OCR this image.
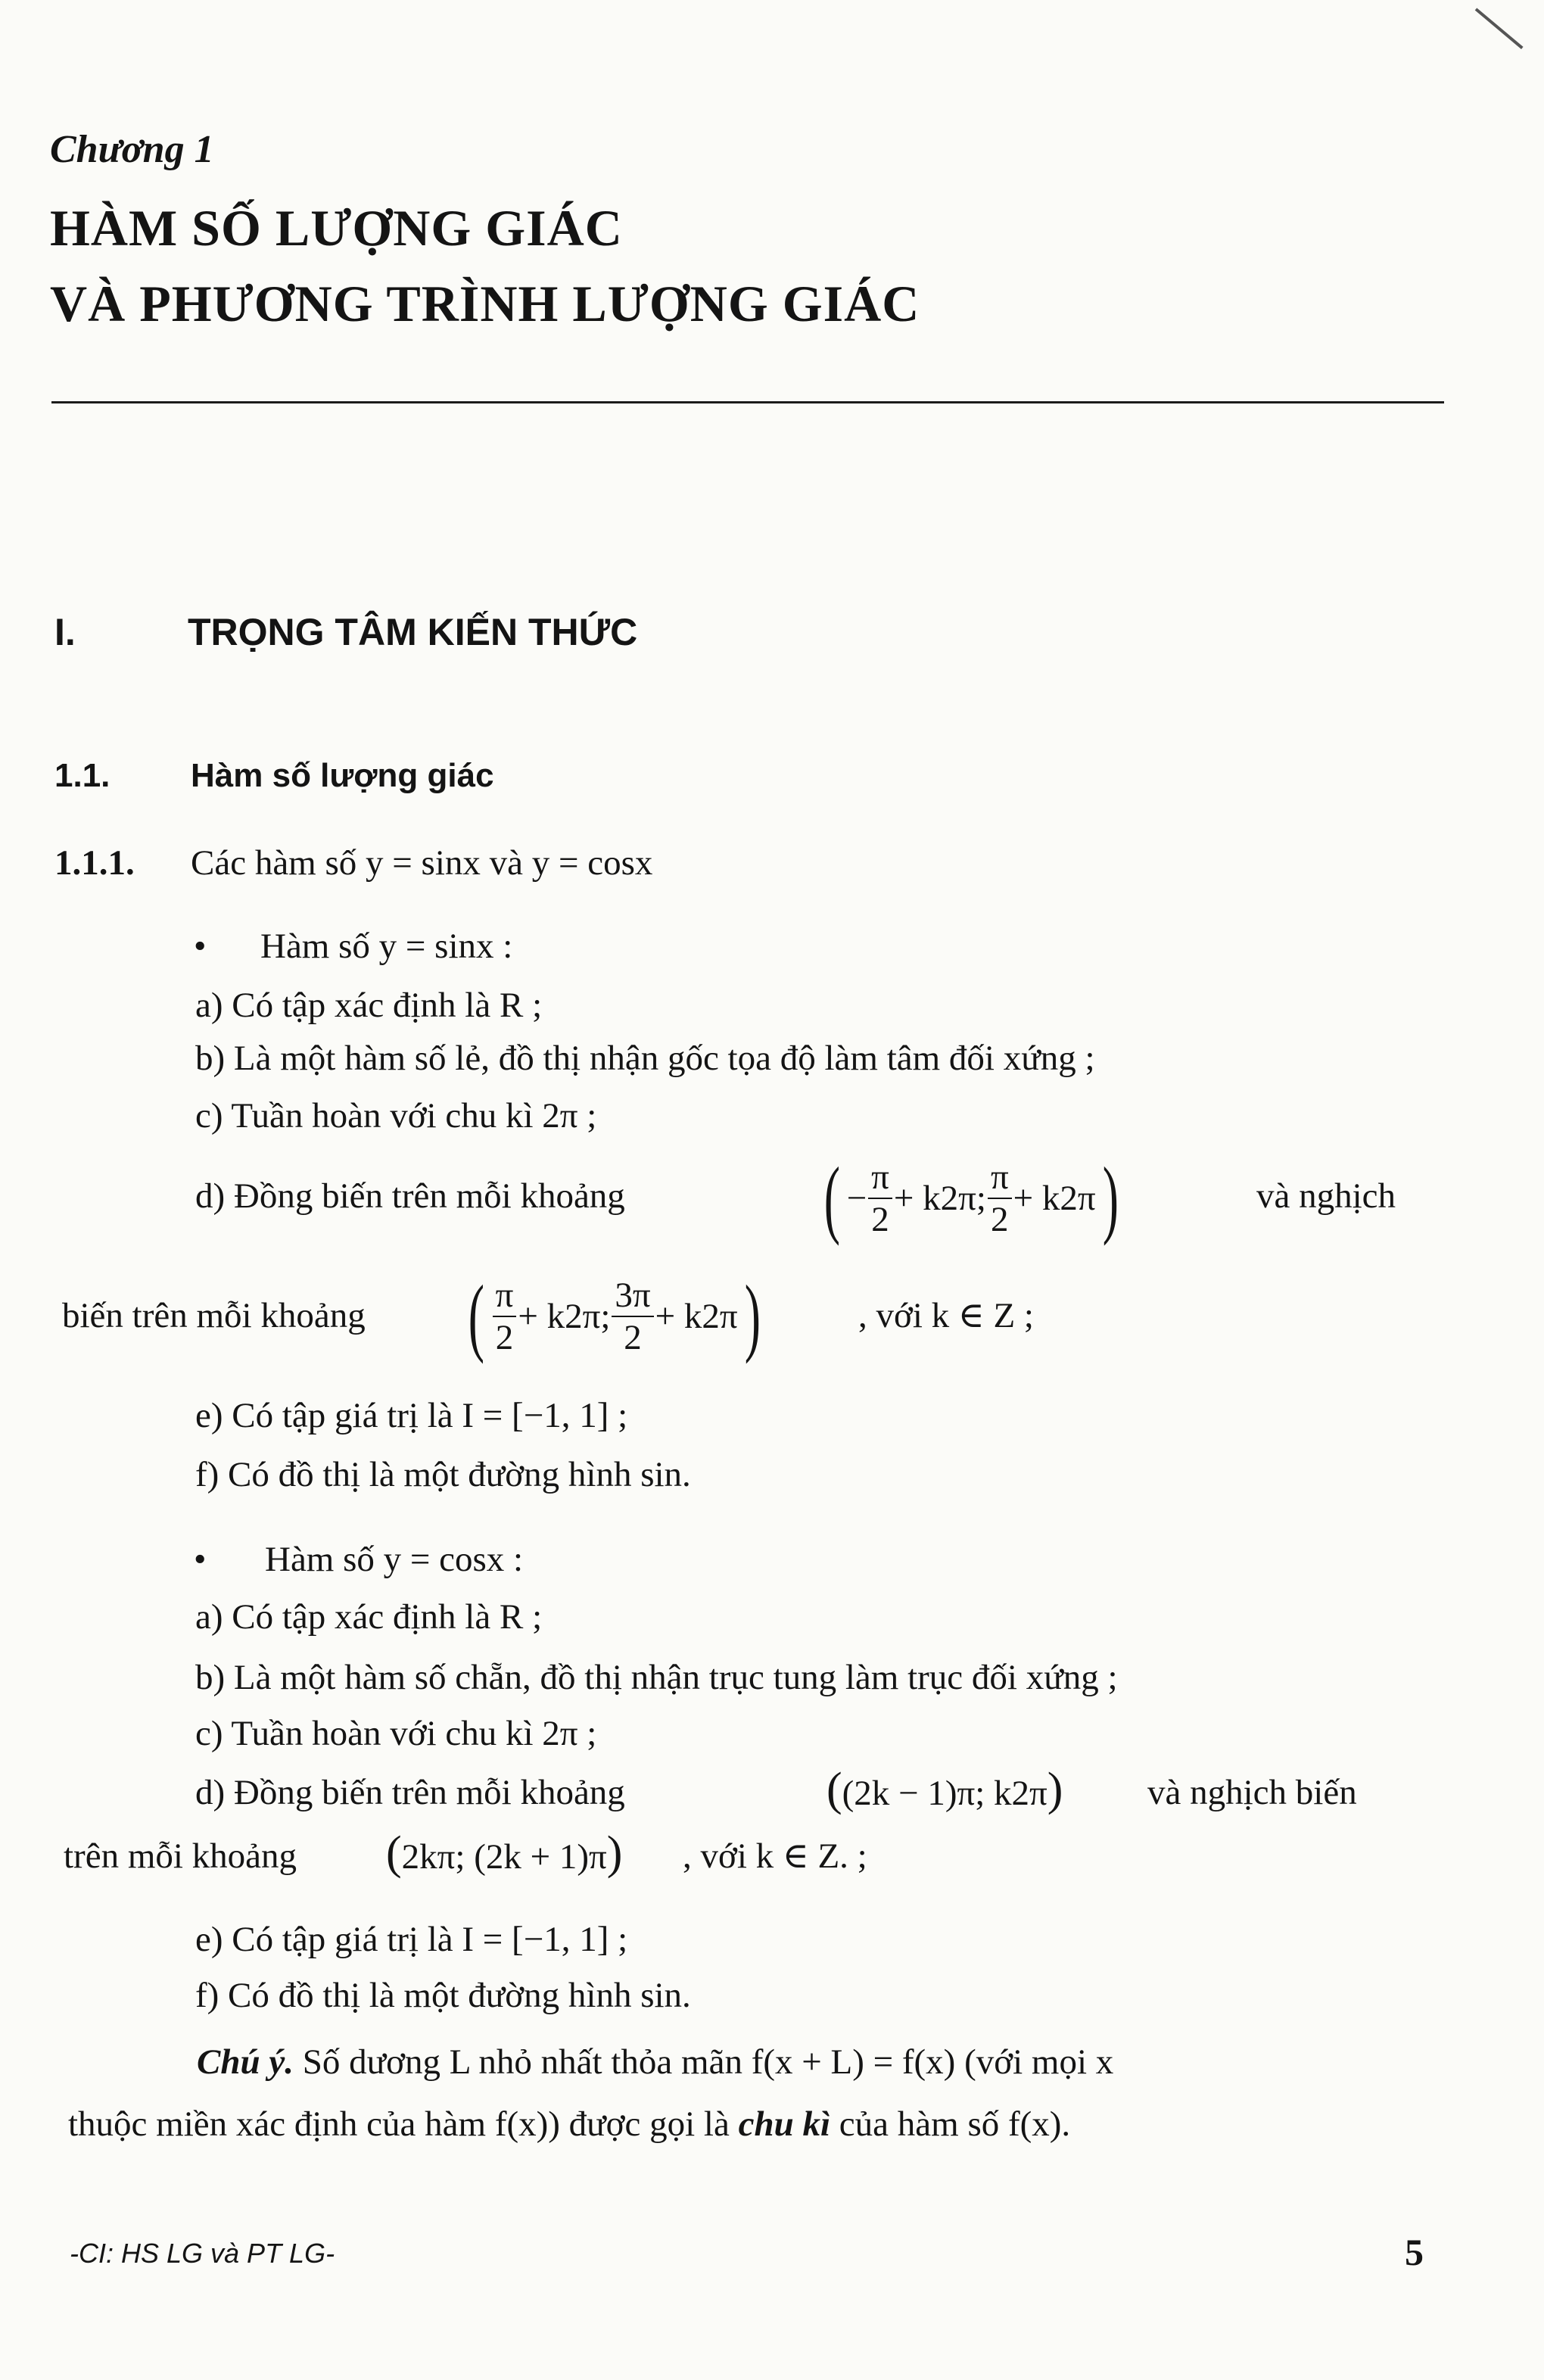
Chương 1
HÀM SỐ LƯỢNG GIÁC
VÀ PHƯƠNG TRÌNH LƯỢNG GIÁC
I.	TRỌNG TÂM KIẾN THỨC
1.1. Hàm số lượng giác
1.1.1. Các hàm số y = sinx và y = cosx
• Hàm số y = sinx :
a) Có tập xác định là R ;
b) Là một hàm số lẻ, đồ thị nhận gốc tọa độ làm tâm đối xứng ;
c) Tuần hoàn với chu kì 2π ;
d) Đồng biến trên mỗi khoảng ( − $\frac{\pi}{2} + k2\pi$; $\frac{\pi}{2} + k2\pi$ )	và nghịch
biến trên mỗi khoảng ( $\frac{\pi}{2} + k2\pi$; $\frac{3\pi}{2} + k2\pi$ )	, với k ∈ Z ;
e) Có tập giá trị là I = [−1, 1] ;
f) Có đồ thị là một đường hình sin.
• Hàm số y = cosx :
a) Có tập xác định là R ;
b) Là một hàm số chẵn, đồ thị nhận trục tung làm trục đối xứng ;
c) Tuần hoàn với chu kì 2π ;
d) Đồng biến trên mỗi khoảng	((2k − 1)π; k2π) và nghịch biến
trên mỗi khoảng (2kπ; (2k + 1)π) , với k ∈ Z. ;
e) Có tập giá trị là I = [−1, 1] ;
f) Có đồ thị là một đường hình sin.
Chú ý. Số dương L nhỏ nhất thỏa mãn f(x + L) = f(x) (với mọi x
thuộc miền xác định của hàm f(x)) được gọi là chu kì của hàm số f(x).
-CI: HS LG và PT LG-	5
